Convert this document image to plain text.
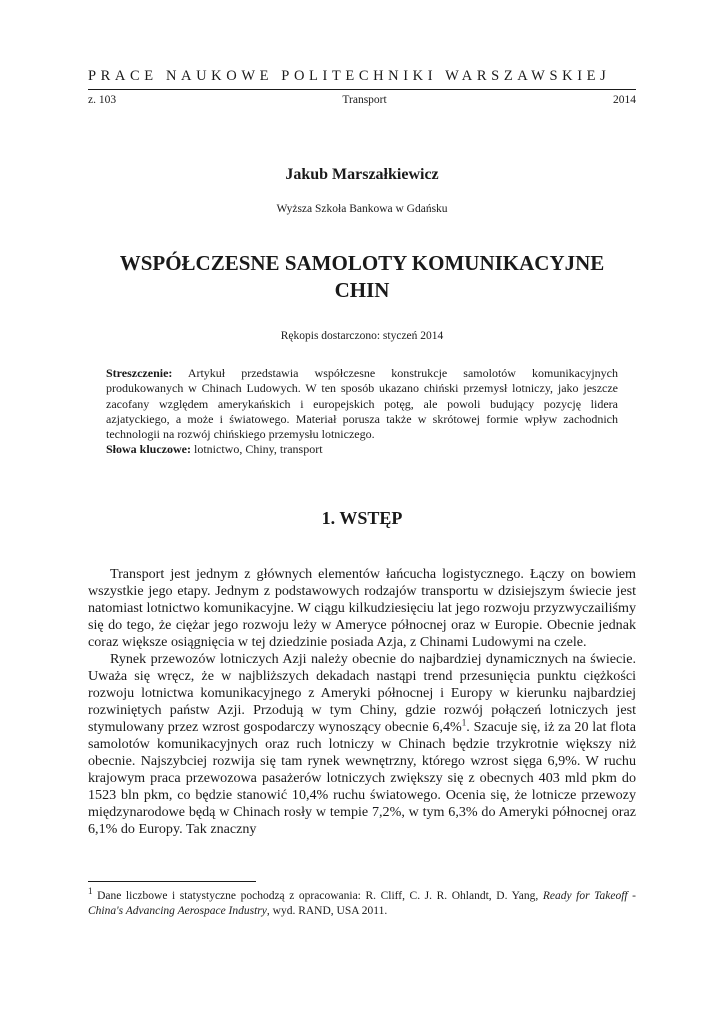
PRACE NAUKOWE POLITECHNIKI WARSZAWSKIEJ
z. 103	Transport	2014
Jakub Marszałkiewicz
Wyższa Szkoła Bankowa w Gdańsku
WSPÓŁCZESNE SAMOLOTY KOMUNIKACYJNE
CHIN
Rękopis dostarczono: styczeń 2014
Streszczenie: Artykuł przedstawia współczesne konstrukcje samolotów komunikacyjnych produkowanych w Chinach Ludowych. W ten sposób ukazano chiński przemysł lotniczy, jako jeszcze zacofany względem amerykańskich i europejskich potęg, ale powoli budujący pozycję lidera azjatyckiego, a może i światowego. Materiał porusza także w skrótowej formie wpływ zachodnich technologii na rozwój chińskiego przemysłu lotniczego.
Słowa kluczowe: lotnictwo, Chiny, transport
1. WSTĘP

Transport jest jednym z głównych elementów łańcucha logistycznego. Łączy on bowiem wszystkie jego etapy. Jednym z podstawowych rodzajów transportu w dzisiejszym świecie jest natomiast lotnictwo komunikacyjne. W ciągu kilkudziesięciu lat jego rozwoju przyzwyczailiśmy się do tego, że ciężar jego rozwoju leży w Ameryce północnej oraz w Europie. Obecnie jednak coraz większe osiągnięcia w tej dziedzinie posiada Azja, z Chinami Ludowymi na czele.

Rynek przewozów lotniczych Azji należy obecnie do najbardziej dynamicznych na świecie. Uważa się wręcz, że w najbliższych dekadach nastąpi trend przesunięcia punktu ciężkości rozwoju lotnictwa komunikacyjnego z Ameryki północnej i Europy w kierunku najbardziej rozwiniętych państw Azji. Przodują w tym Chiny, gdzie rozwój połączeń lotniczych jest stymulowany przez wzrost gospodarczy wynoszący obecnie 6,4%$^1$. Szacuje się, iż za 20 lat flota samolotów komunikacyjnych oraz ruch lotniczy w Chinach będzie trzykrotnie większy niż obecnie. Najszybciej rozwija się tam rynek wewnętrzny, którego wzrost sięga 6,9%. W ruchu krajowym praca przewozowa pasażerów lotniczych zwiększy się z obecnych 403 mld pkm do 1523 bln pkm, co będzie stanowić 10,4% ruchu światowego. Ocenia się, że lotnicze przewozy międzynarodowe będą w Chinach rosły w tempie 7,2%, w tym 6,3% do Ameryki północnej oraz 6,1% do Europy. Tak znaczny

$^1$ Dane liczbowe i statystyczne pochodzą z opracowania: R. Cliff, C. J. R. Ohlandt, D. Yang, Ready for Takeoff - China's Advancing Aerospace Industry, wyd. RAND, USA 2011.
